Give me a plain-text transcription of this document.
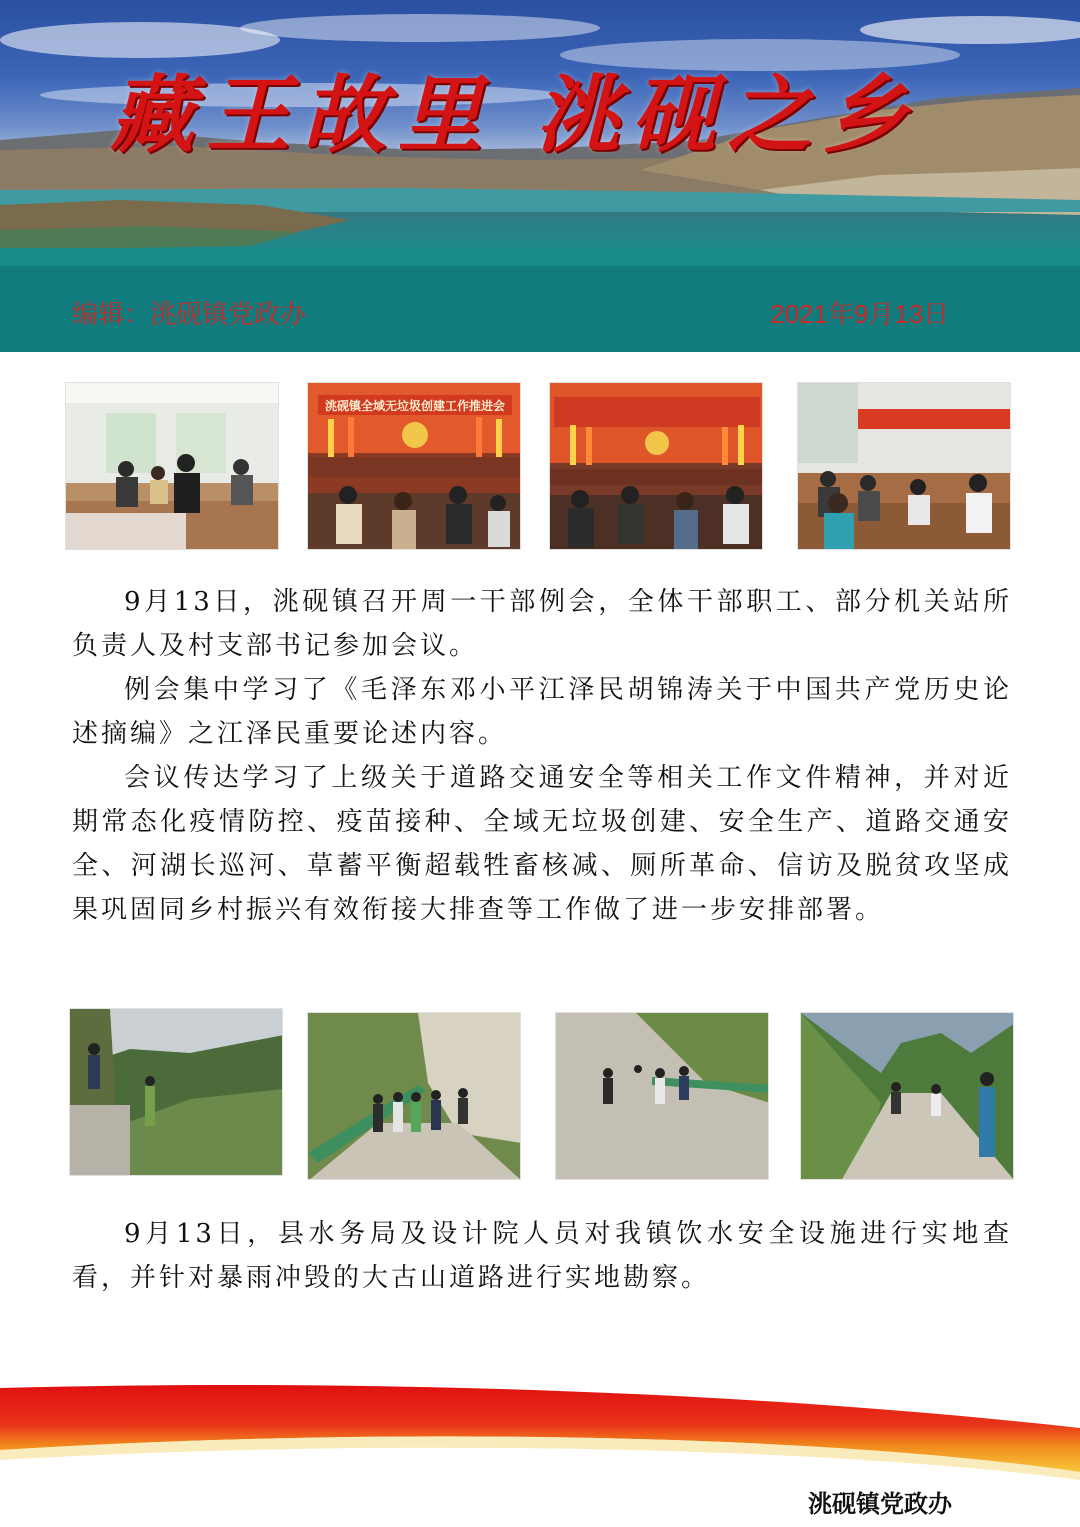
藏王故里 洮砚之乡
编辑：洮砚镇党政办	2021年9月13日
洮砚镇全域无垃圾创建工作推进会

9月13日，洮砚镇召开周一干部例会，全体干部职工、部分机关站所负责人及村支部书记参加会议。

例会集中学习了《毛泽东邓小平江泽民胡锦涛关于中国共产党历史论述摘编》之江泽民重要论述内容。

会议传达学习了上级关于道路交通安全等相关工作文件精神，并对近期常态化疫情防控、疫苗接种、全域无垃圾创建、安全生产、道路交通安全、河湖长巡河、草蓄平衡超载牲畜核减、厕所革命、信访及脱贫攻坚成果巩固同乡村振兴有效衔接大排查等工作做了进一步安排部署。

9月13日，县水务局及设计院人员对我镇饮水安全设施进行实地查看，并针对暴雨冲毁的大古山道路进行实地勘察。

洮砚镇党政办
